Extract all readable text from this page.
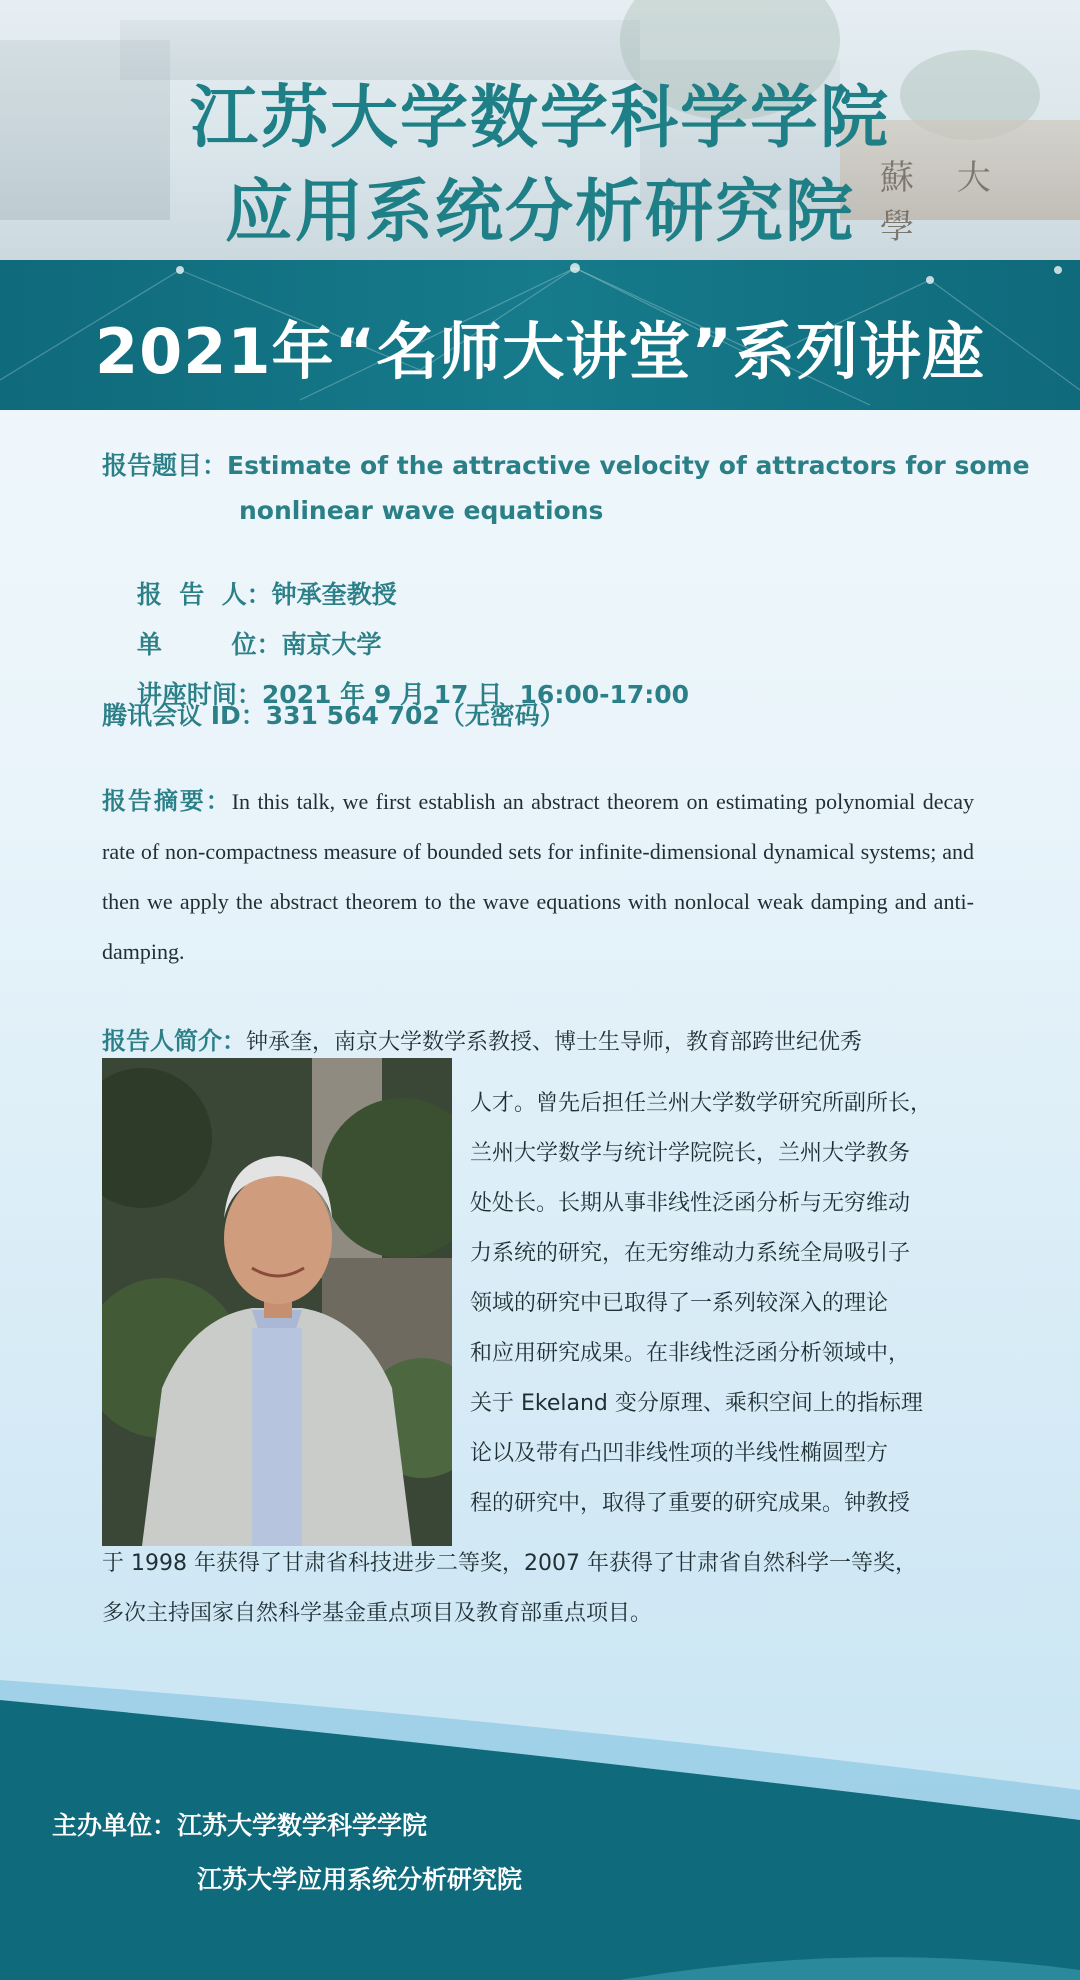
蘇 大 學
江苏大学数学科学学院
应用系统分析研究院
2021年“名师大讲堂”系列讲座
报告题目：Estimate of the attractive velocity of attractors for some
nonlinear wave equations

报  告  人：钟承奎教授

单        位：南京大学

讲座时间：2021 年 9 月 17 日  16:00-17:00

腾讯会议 ID：331 564 702（无密码）
报告摘要：In this talk, we first establish an abstract theorem on estimating polynomial decay rate of non-compactness measure of bounded sets for infinite-dimensional dynamical systems; and then we apply the abstract theorem to the wave equations with nonlocal weak damping and anti-damping.
报告人简介：钟承奎，南京大学数学系教授、博士生导师，教育部跨世纪优秀
人才。曾先后担任兰州大学数学研究所副所长，
兰州大学数学与统计学院院长，兰州大学教务
处处长。长期从事非线性泛函分析与无穷维动
力系统的研究，在无穷维动力系统全局吸引子
领域的研究中已取得了一系列较深入的理论
和应用研究成果。在非线性泛函分析领域中，
关于 Ekeland 变分原理、乘积空间上的指标理
论以及带有凸凹非线性项的半线性椭圆型方
程的研究中，取得了重要的研究成果。钟教授
于 1998 年获得了甘肃省科技进步二等奖，2007 年获得了甘肃省自然科学一等奖，
多次主持国家自然科学基金重点项目及教育部重点项目。
主办单位：江苏大学数学科学学院
江苏大学应用系统分析研究院
